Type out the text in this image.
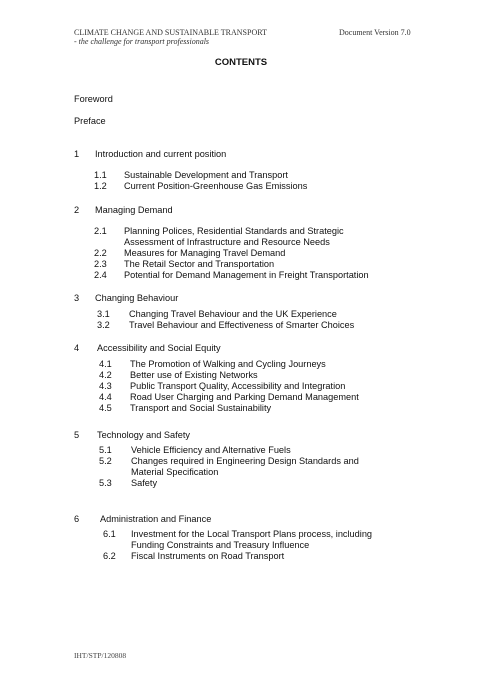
CLIMATE CHANGE AND SUSTAINABLE TRANSPORT
- the challenge for transport professionals
Document Version 7.0
CONTENTS
Foreword
Preface
1 Introduction and current position
1.1 Sustainable Development and Transport
1.2 Current Position-Greenhouse Gas Emissions
2 Managing Demand
2.1 Planning Polices, Residential Standards and Strategic
Assessment of Infrastructure and Resource Needs
2.2 Measures for Managing Travel Demand
2.3 The Retail Sector and Transportation
2.4 Potential for Demand Management in Freight Transportation
3 Changing Behaviour
3.1 Changing Travel Behaviour and the UK Experience
3.2 Travel Behaviour and Effectiveness of Smarter Choices
4 Accessibility and Social Equity
4.1 The Promotion of Walking and Cycling Journeys
4.2 Better use of Existing Networks
4.3 Public Transport Quality, Accessibility and Integration
4.4 Road User Charging and Parking Demand Management
4.5 Transport and Social Sustainability
5 Technology and Safety
5.1 Vehicle Efficiency and Alternative Fuels
5.2 Changes required in Engineering Design Standards and
Material Specification
5.3 Safety
6 Administration and Finance
6.1 Investment for the Local Transport Plans process, including
Funding Constraints and Treasury Influence
6.2 Fiscal Instruments on Road Transport
IHT/STP/120808
